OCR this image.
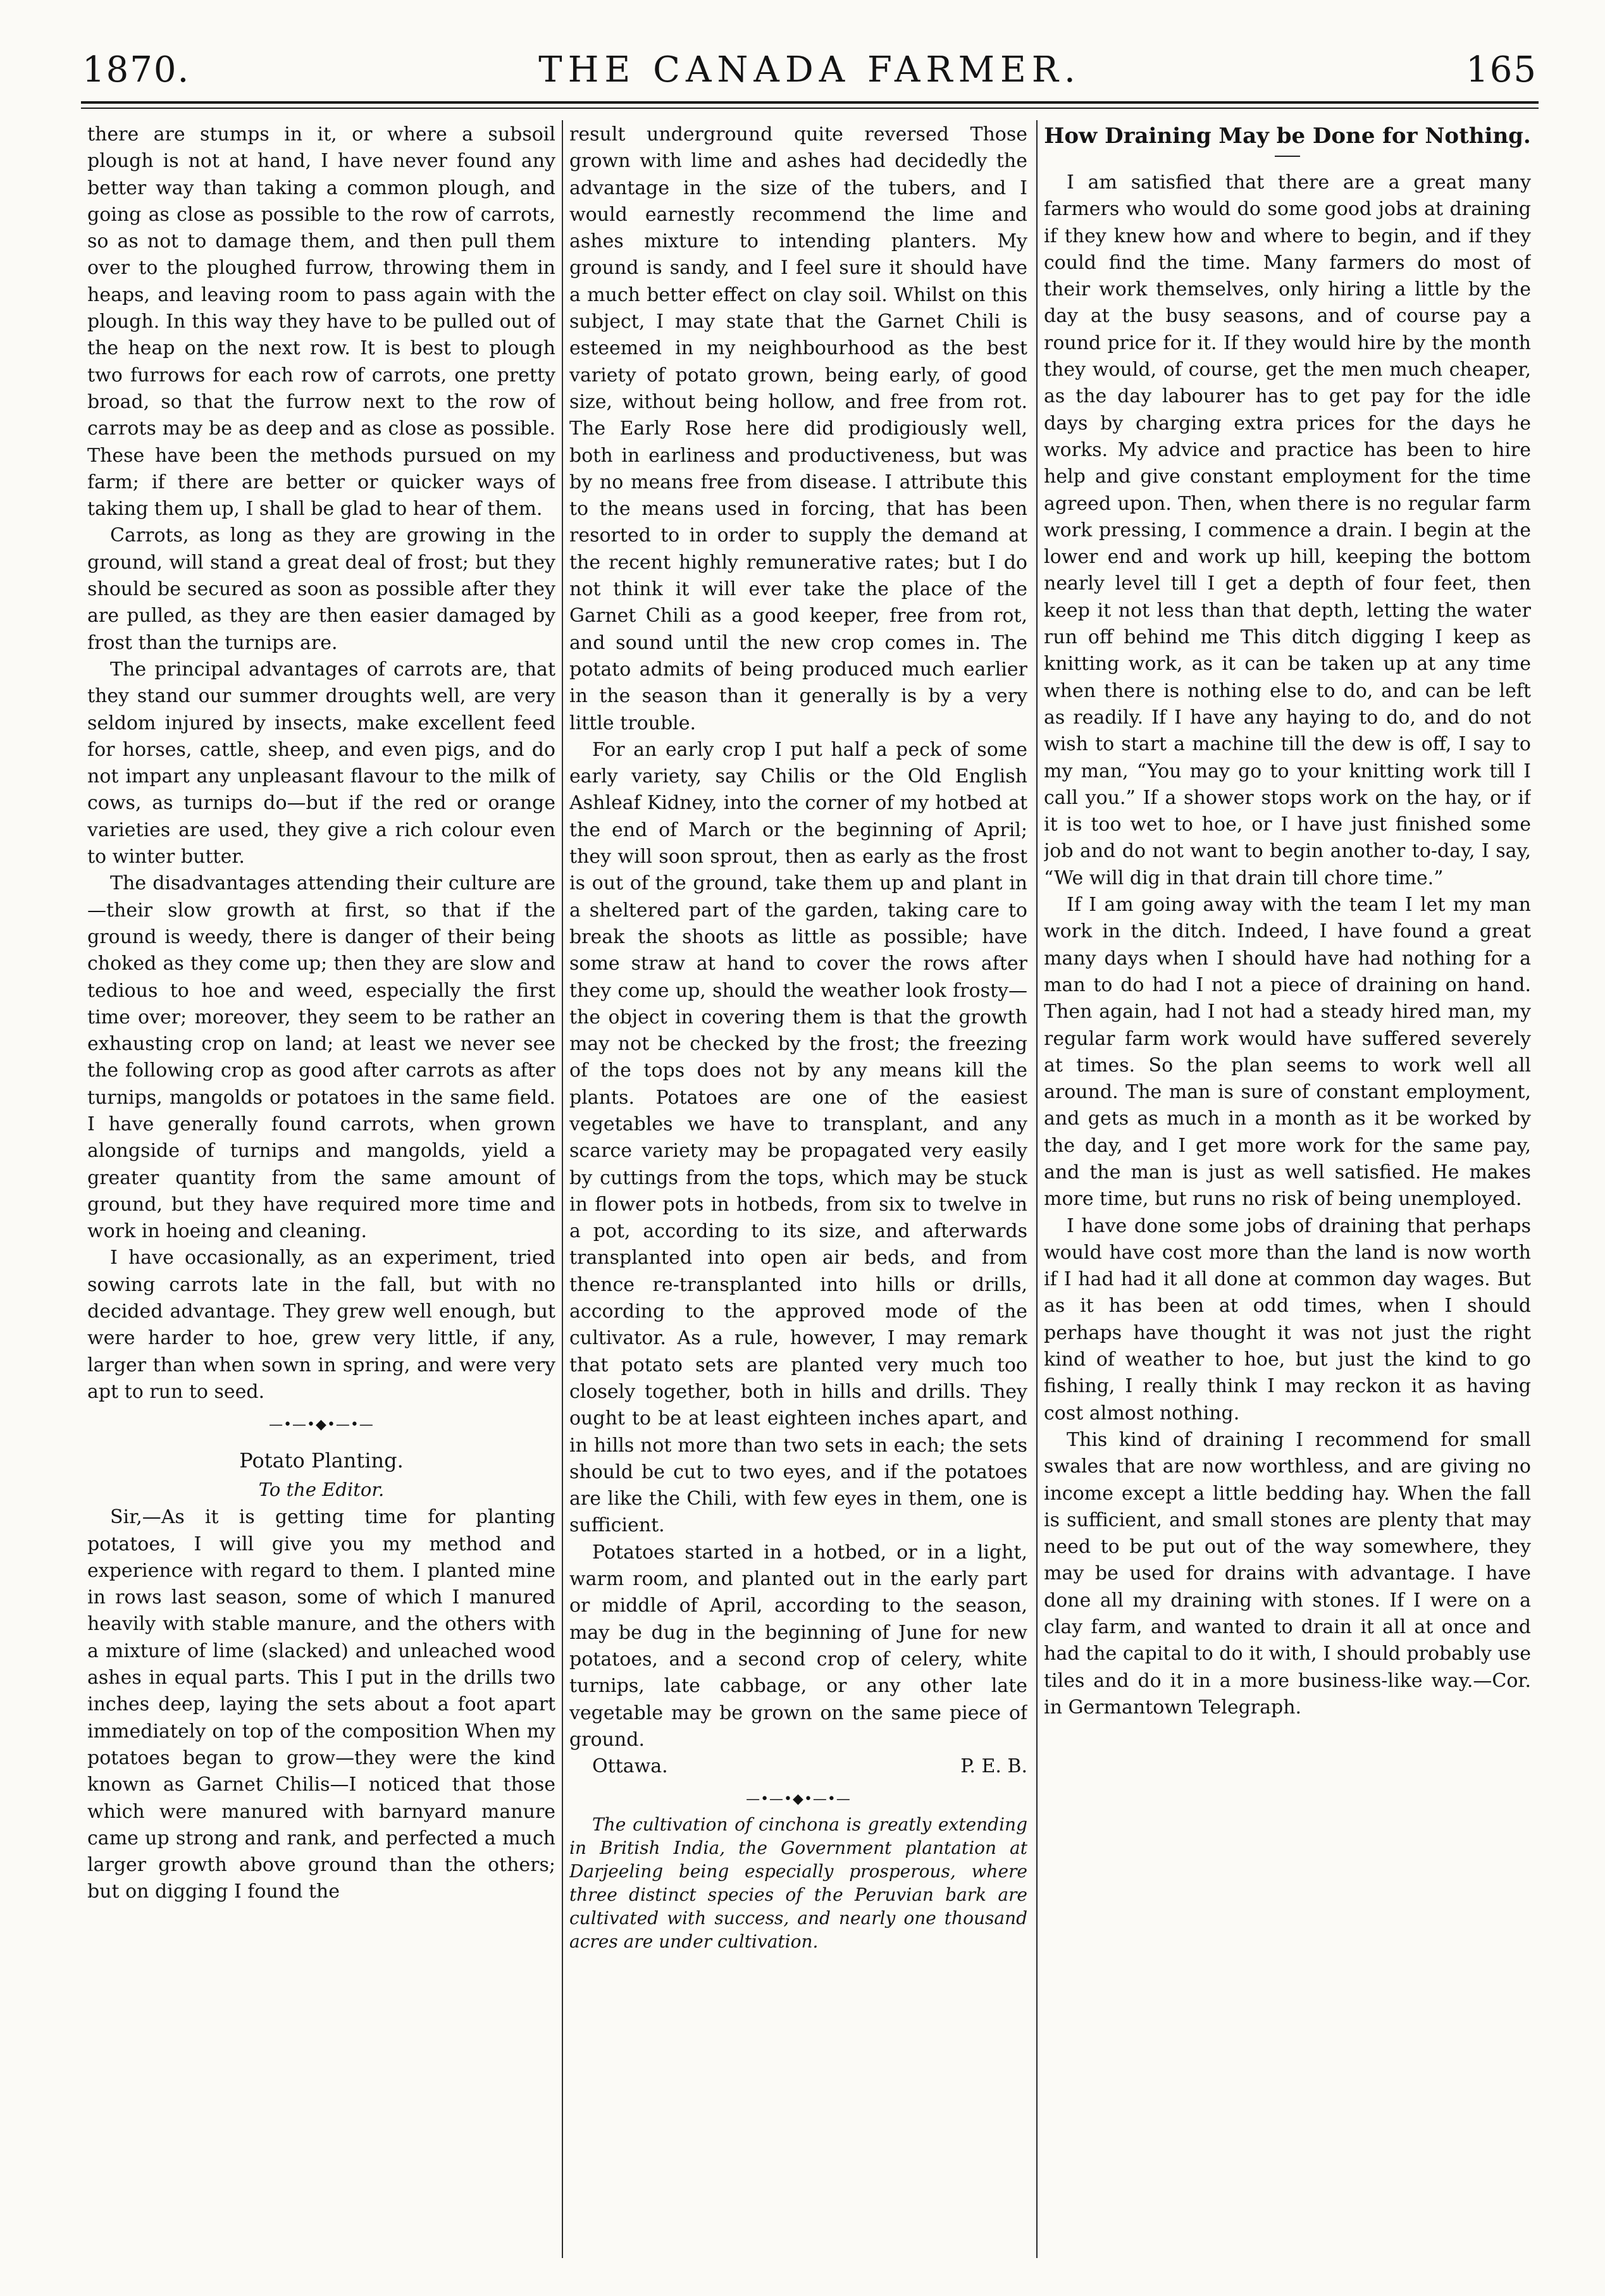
1870.	THE CANADA FARMER.	165

there are stumps in it, or where a subsoil plough is not at hand, I have never found any better way than taking a common plough, and going as close as possible to the row of carrots, so as not to damage them, and then pull them over to the ploughed furrow, throwing them in heaps, and leaving room to pass again with the plough. In this way they have to be pulled out of the heap on the next row. It is best to plough two furrows for each row of carrots, one pretty broad, so that the furrow next to the row of carrots may be as deep and as close as possible. These have been the methods pursued on my farm; if there are better or quicker ways of taking them up, I shall be glad to hear of them.

Carrots, as long as they are growing in the ground, will stand a great deal of frost; but they should be secured as soon as possible after they are pulled, as they are then easier damaged by frost than the turnips are.

The principal advantages of carrots are, that they stand our summer droughts well, are very seldom injured by insects, make excellent feed for horses, cattle, sheep, and even pigs, and do not impart any unpleasant flavour to the milk of cows, as turnips do—but if the red or orange varieties are used, they give a rich colour even to winter butter.

The disadvantages attending their culture are—their slow growth at first, so that if the ground is weedy, there is danger of their being choked as they come up; then they are slow and tedious to hoe and weed, especially the first time over; moreover, they seem to be rather an exhausting crop on land; at least we never see the following crop as good after carrots as after turnips, mangolds or potatoes in the same field. I have generally found carrots, when grown alongside of turnips and mangolds, yield a greater quantity from the same amount of ground, but they have required more time and work in hoeing and cleaning.

I have occasionally, as an experiment, tried sowing carrots late in the fall, but with no decided advantage. They grew well enough, but were harder to hoe, grew very little, if any, larger than when sown in spring, and were very apt to run to seed.

—•—•◆•—•—
Potato Planting.
To the Editor.

Sir,—As it is getting time for planting potatoes, I will give you my method and experience with regard to them. I planted mine in rows last season, some of which I manured heavily with stable manure, and the others with a mixture of lime (slacked) and unleached wood ashes in equal parts. This I put in the drills two inches deep, laying the sets about a foot apart immediately on top of the composition When my potatoes began to grow—they were the kind known as Garnet Chilis—I noticed that those which were manured with barnyard manure came up strong and rank, and perfected a much larger growth above ground than the others; but on digging I found the

result underground quite reversed Those grown with lime and ashes had decidedly the advantage in the size of the tubers, and I would earnestly recommend the lime and ashes mixture to intending planters. My ground is sandy, and I feel sure it should have a much better effect on clay soil. Whilst on this subject, I may state that the Garnet Chili is esteemed in my neighbourhood as the best variety of potato grown, being early, of good size, without being hollow, and free from rot. The Early Rose here did prodigiously well, both in earliness and productiveness, but was by no means free from disease. I attribute this to the means used in forcing, that has been resorted to in order to supply the demand at the recent highly remunerative rates; but I do not think it will ever take the place of the Garnet Chili as a good keeper, free from rot, and sound until the new crop comes in. The potato admits of being produced much earlier in the season than it generally is by a very little trouble.

For an early crop I put half a peck of some early variety, say Chilis or the Old English Ashleaf Kidney, into the corner of my hotbed at the end of March or the beginning of April; they will soon sprout, then as early as the frost is out of the ground, take them up and plant in a sheltered part of the garden, taking care to break the shoots as little as possible; have some straw at hand to cover the rows after they come up, should the weather look frosty—the object in covering them is that the growth may not be checked by the frost; the freezing of the tops does not by any means kill the plants. Potatoes are one of the easiest vegetables we have to transplant, and any scarce variety may be propagated very easily by cuttings from the tops, which may be stuck in flower pots in hotbeds, from six to twelve in a pot, according to its size, and afterwards transplanted into open air beds, and from thence re-transplanted into hills or drills, according to the approved mode of the cultivator. As a rule, however, I may remark that potato sets are planted very much too closely together, both in hills and drills. They ought to be at least eighteen inches apart, and in hills not more than two sets in each; the sets should be cut to two eyes, and if the potatoes are like the Chili, with few eyes in them, one is sufficient.

Potatoes started in a hotbed, or in a light, warm room, and planted out in the early part or middle of April, according to the season, may be dug in the beginning of June for new potatoes, and a second crop of celery, white turnips, late cabbage, or any other late vegetable may be grown on the same piece of ground.

Ottawa.	P. E. B.
—•—•◆•—•—

The cultivation of cinchona is greatly extending in British India, the Government plantation at Darjeeling being especially prosperous, where three distinct species of the Peruvian bark are cultivated with success, and nearly one thousand acres are under cultivation.

How Draining May be Done for Nothing.

I am satisfied that there are a great many farmers who would do some good jobs at draining if they knew how and where to begin, and if they could find the time. Many farmers do most of their work themselves, only hiring a little by the day at the busy seasons, and of course pay a round price for it. If they would hire by the month they would, of course, get the men much cheaper, as the day labourer has to get pay for the idle days by charging extra prices for the days he works. My advice and practice has been to hire help and give constant employment for the time agreed upon. Then, when there is no regular farm work pressing, I commence a drain. I begin at the lower end and work up hill, keeping the bottom nearly level till I get a depth of four feet, then keep it not less than that depth, letting the water run off behind me This ditch digging I keep as knitting work, as it can be taken up at any time when there is nothing else to do, and can be left as readily. If I have any haying to do, and do not wish to start a machine till the dew is off, I say to my man, “You may go to your knitting work till I call you.” If a shower stops work on the hay, or if it is too wet to hoe, or I have just finished some job and do not want to begin another to-day, I say, “We will dig in that drain till chore time.”

If I am going away with the team I let my man work in the ditch. Indeed, I have found a great many days when I should have had nothing for a man to do had I not a piece of draining on hand. Then again, had I not had a steady hired man, my regular farm work would have suffered severely at times. So the plan seems to work well all around. The man is sure of constant employment, and gets as much in a month as it be worked by the day, and I get more work for the same pay, and the man is just as well satisfied. He makes more time, but runs no risk of being unemployed.

I have done some jobs of draining that perhaps would have cost more than the land is now worth if I had had it all done at common day wages. But as it has been at odd times, when I should perhaps have thought it was not just the right kind of weather to hoe, but just the kind to go fishing, I really think I may reckon it as having cost almost nothing.

This kind of draining I recommend for small swales that are now worthless, and are giving no income except a little bedding hay. When the fall is sufficient, and small stones are plenty that may need to be put out of the way somewhere, they may be used for drains with advantage. I have done all my draining with stones. If I were on a clay farm, and wanted to drain it all at once and had the capital to do it with, I should probably use tiles and do it in a more business-like way.—Cor. in Germantown Telegraph.
